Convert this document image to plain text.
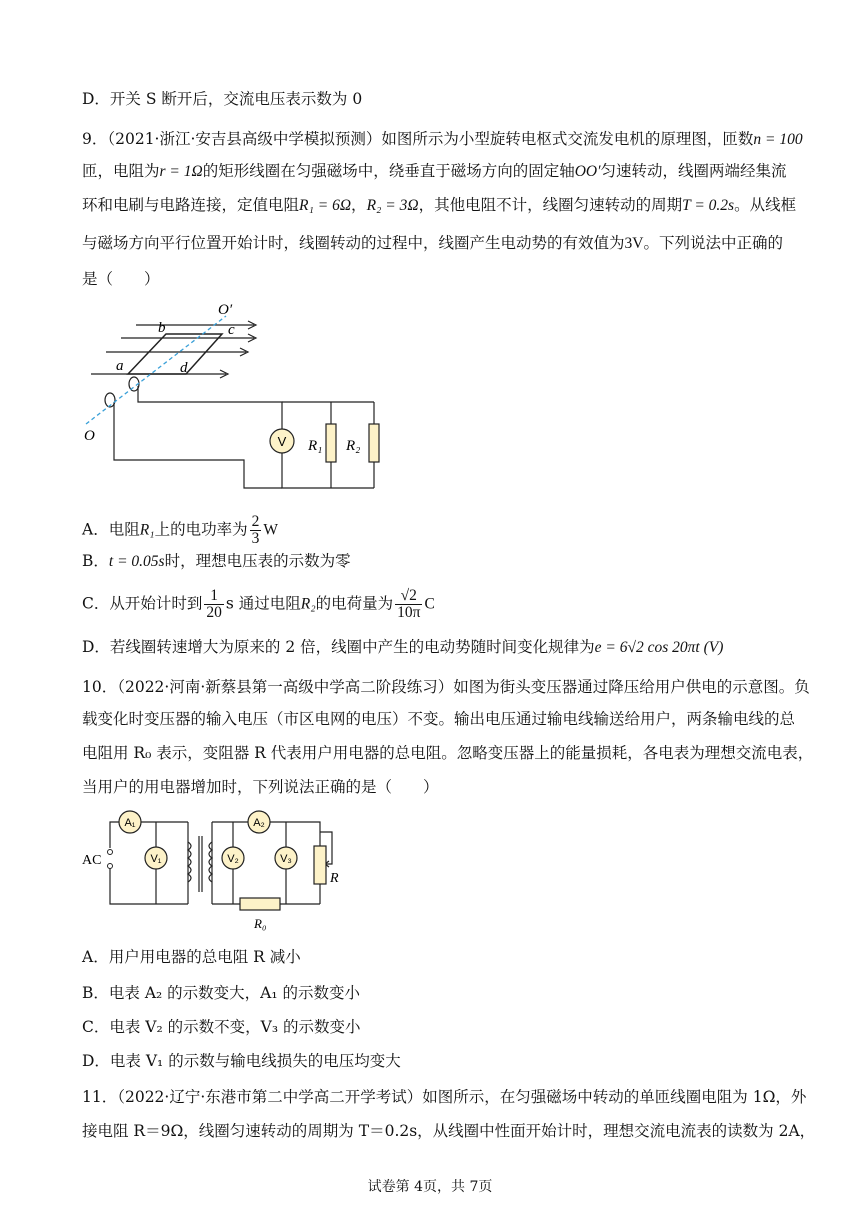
D．开关 S 断开后，交流电压表示数为 0
9．（2021·浙江·安吉县高级中学模拟预测）如图所示为小型旋转电枢式交流发电机的原理图，匝数n = 100
匝，电阻为r = 1Ω的矩形线圈在匀强磁场中，绕垂直于磁场方向的固定轴OO′匀速转动，线圈两端经集流
环和电刷与电路连接，定值电阻R₁ = 6Ω，R₂ = 3Ω，其他电阻不计，线圈匀速转动的周期T = 0.2s。从线框
与磁场方向平行位置开始计时，线圈转动的过程中，线圈产生电动势的有效值为3V。下列说法中正确的
是（　　）
V
O′
O
a
b	c
d
R₁ R₂
A．电阻R₁上的电功率为 $\frac{2}{3}$ W
B．t = 0.05s时，理想电压表的示数为零
C．从开始计时到 $\frac{1}{20}$ s 通过电阻R₂的电荷量为 $\frac{√2}{10\pi}$ C
D．若线圈转速增大为原来的 2 倍，线圈中产生的电动势随时间变化规律为e = 6√2 cos 20πt (V)
10．（2022·河南·新蔡县第一高级中学高二阶段练习）如图为街头变压器通过降压给用户供电的示意图。负
载变化时变压器的输入电压（市区电网的电压）不变。输出电压通过输电线输送给用户，两条输电线的总
电阻用 R₀ 表示，变阻器 R 代表用户用电器的总电阻。忽略变压器上的能量损耗，各电表为理想交流电表，
当用户的用电器增加时，下列说法正确的是（　　）
A₁
V₁	V₂
A₂
V₃
AC
R
R₀
A．用户用电器的总电阻 R 减小
B．电表 A₂ 的示数变大，A₁ 的示数变小
C．电表 V₂ 的示数不变，V₃ 的示数变小
D．电表 V₁ 的示数与输电线损失的电压均变大
11．（2022·辽宁·东港市第二中学高二开学考试）如图所示，在匀强磁场中转动的单匝线圈电阻为 1Ω，外
接电阻 R＝9Ω，线圈匀速转动的周期为 T＝0.2s，从线圈中性面开始计时，理想交流电流表的读数为 2A，
试卷第 4页，共 7页
